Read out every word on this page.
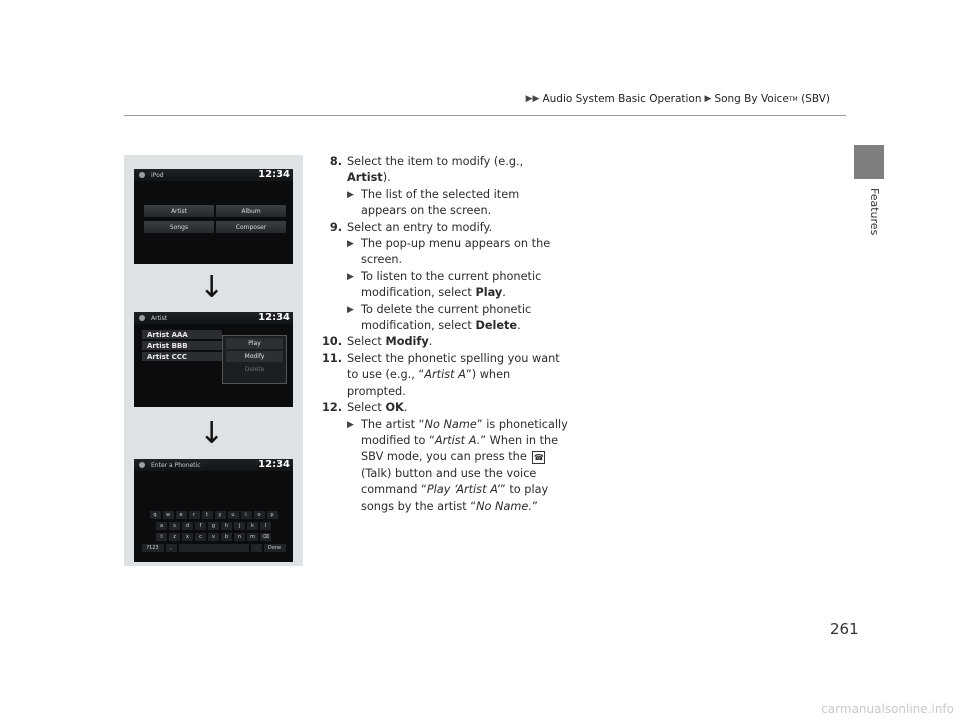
▶▶ Audio System Basic Operation ▶ Song By Voice TM (SBV)
Features
iPod	12:34
Artist	Album
Songs	Composer
↓
Artist	12:34
Artist AAA
Artist BBB
Artist CCC
Play
Modify
Delete
↓
Enter a Phonetic	12:34
q	w	e	r	t	y	u	i	o	p
a	s	d	f	g	h	j	k	l
⇧	z	x	c	v	b	n	m	⌫
?123	,	.	Done
8. Select the item to modify (e.g., Artist).
▶ The list of the selected item appears on the screen.
9. Select an entry to modify.
▶ The pop-up menu appears on the screen.
▶ To listen to the current phonetic modification, select Play.
▶ To delete the current phonetic modification, select Delete.
10. Select Modify.
11. Select the phonetic spelling you want to use (e.g., “Artist A”) when prompted.
12. Select OK.
▶ The artist “No Name” is phonetically modified to “Artist A.” When in the SBV mode, you can press the ☎ (Talk) button and use the voice command “Play ‘Artist A’” to play songs by the artist “No Name.”
261
carmanualsonline.info
